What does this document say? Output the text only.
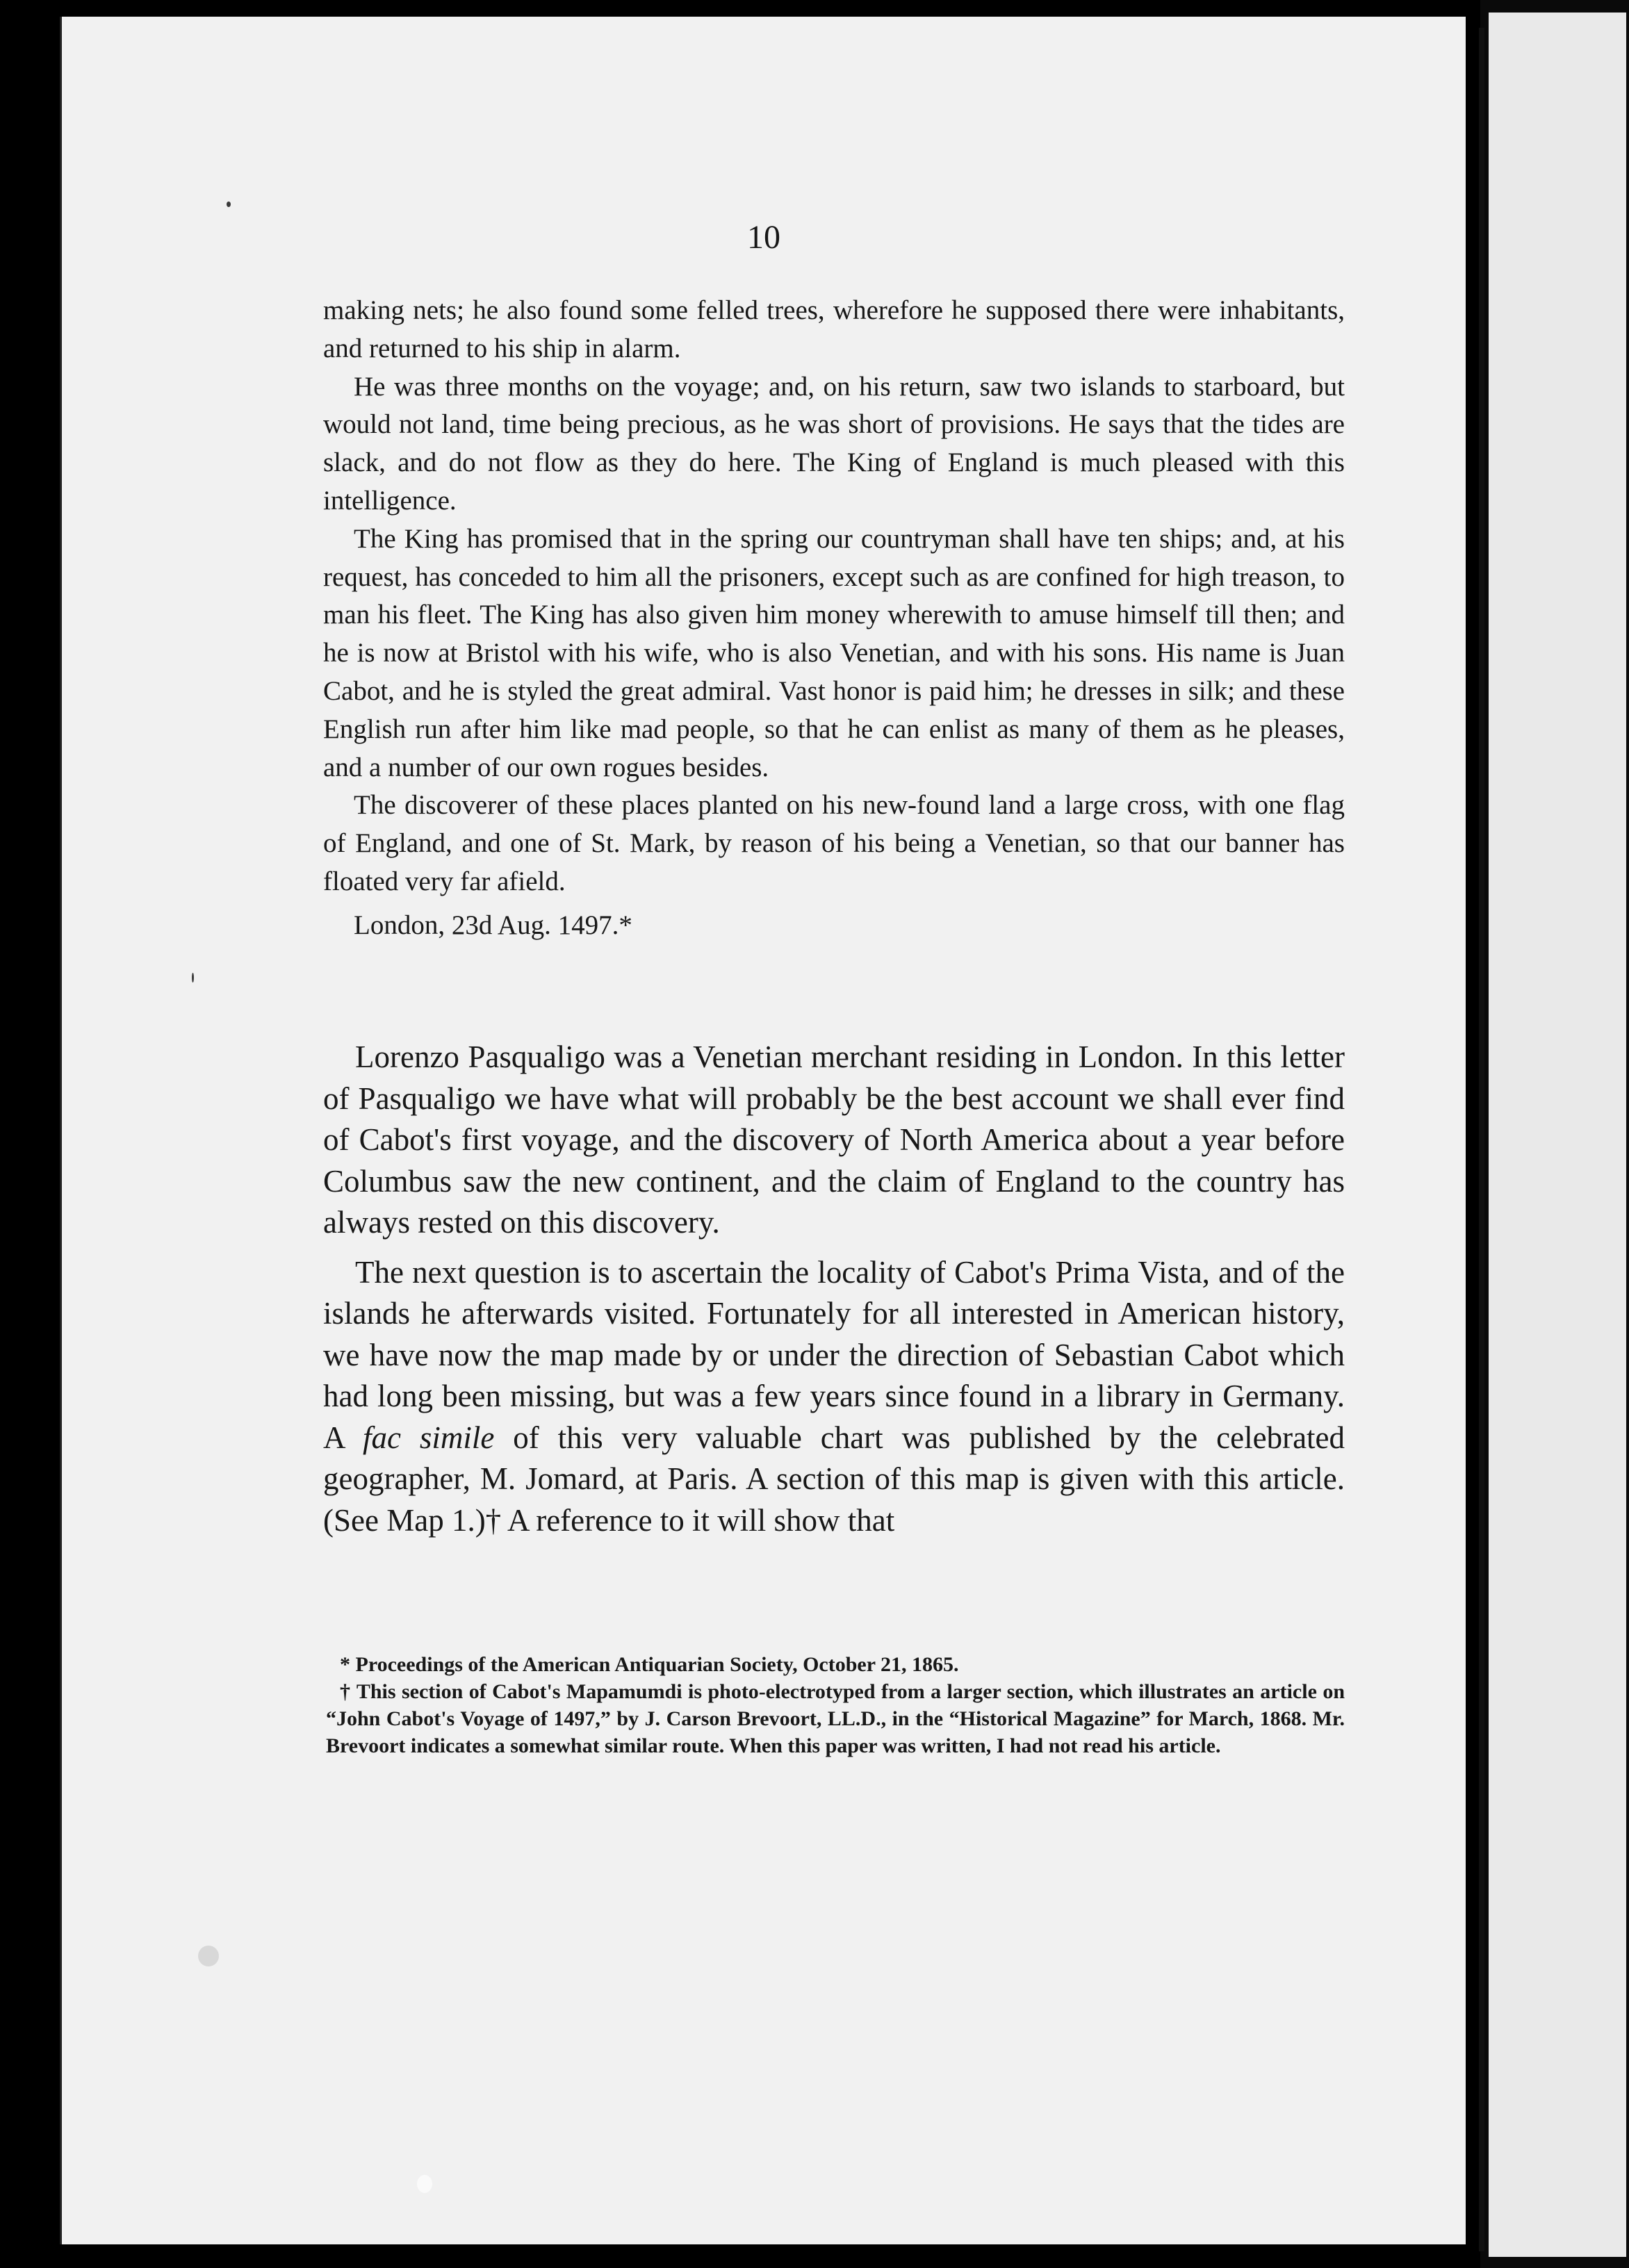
10

making nets; he also found some felled trees, wherefore he supposed there were inhabitants, and returned to his ship in alarm.

He was three months on the voyage; and, on his return, saw two islands to starboard, but would not land, time being precious, as he was short of provisions. He says that the tides are slack, and do not flow as they do here. The King of England is much pleased with this intelligence.

The King has promised that in the spring our countryman shall have ten ships; and, at his request, has conceded to him all the prisoners, except such as are confined for high treason, to man his fleet. The King has also given him money wherewith to amuse himself till then; and he is now at Bristol with his wife, who is also Venetian, and with his sons. His name is Juan Cabot, and he is styled the great admiral. Vast honor is paid him; he dresses in silk; and these English run after him like mad people, so that he can enlist as many of them as he pleases, and a number of our own rogues besides.

The discoverer of these places planted on his new-found land a large cross, with one flag of England, and one of St. Mark, by reason of his being a Venetian, so that our banner has floated very far afield.

London, 23d Aug. 1497.*

Lorenzo Pasqualigo was a Venetian merchant residing in London. In this letter of Pasqualigo we have what will probably be the best account we shall ever find of Cabot's first voyage, and the discovery of North America about a year before Columbus saw the new continent, and the claim of England to the country has always rested on this discovery.

The next question is to ascertain the locality of Cabot's Prima Vista, and of the islands he afterwards visited. Fortunately for all interested in American history, we have now the map made by or under the direction of Sebastian Cabot which had long been missing, but was a few years since found in a library in Germany. A fac simile of this very valuable chart was published by the celebrated geographer, M. Jomard, at Paris. A section of this map is given with this article. (See Map 1.)† A reference to it will show that

* Proceedings of the American Antiquarian Society, October 21, 1865.

† This section of Cabot's Mapamumdi is photo-electrotyped from a larger section, which illustrates an article on “John Cabot's Voyage of 1497,” by J. Carson Brevoort, LL.D., in the “Historical Magazine” for March, 1868. Mr. Brevoort indicates a somewhat similar route. When this paper was written, I had not read his article.
